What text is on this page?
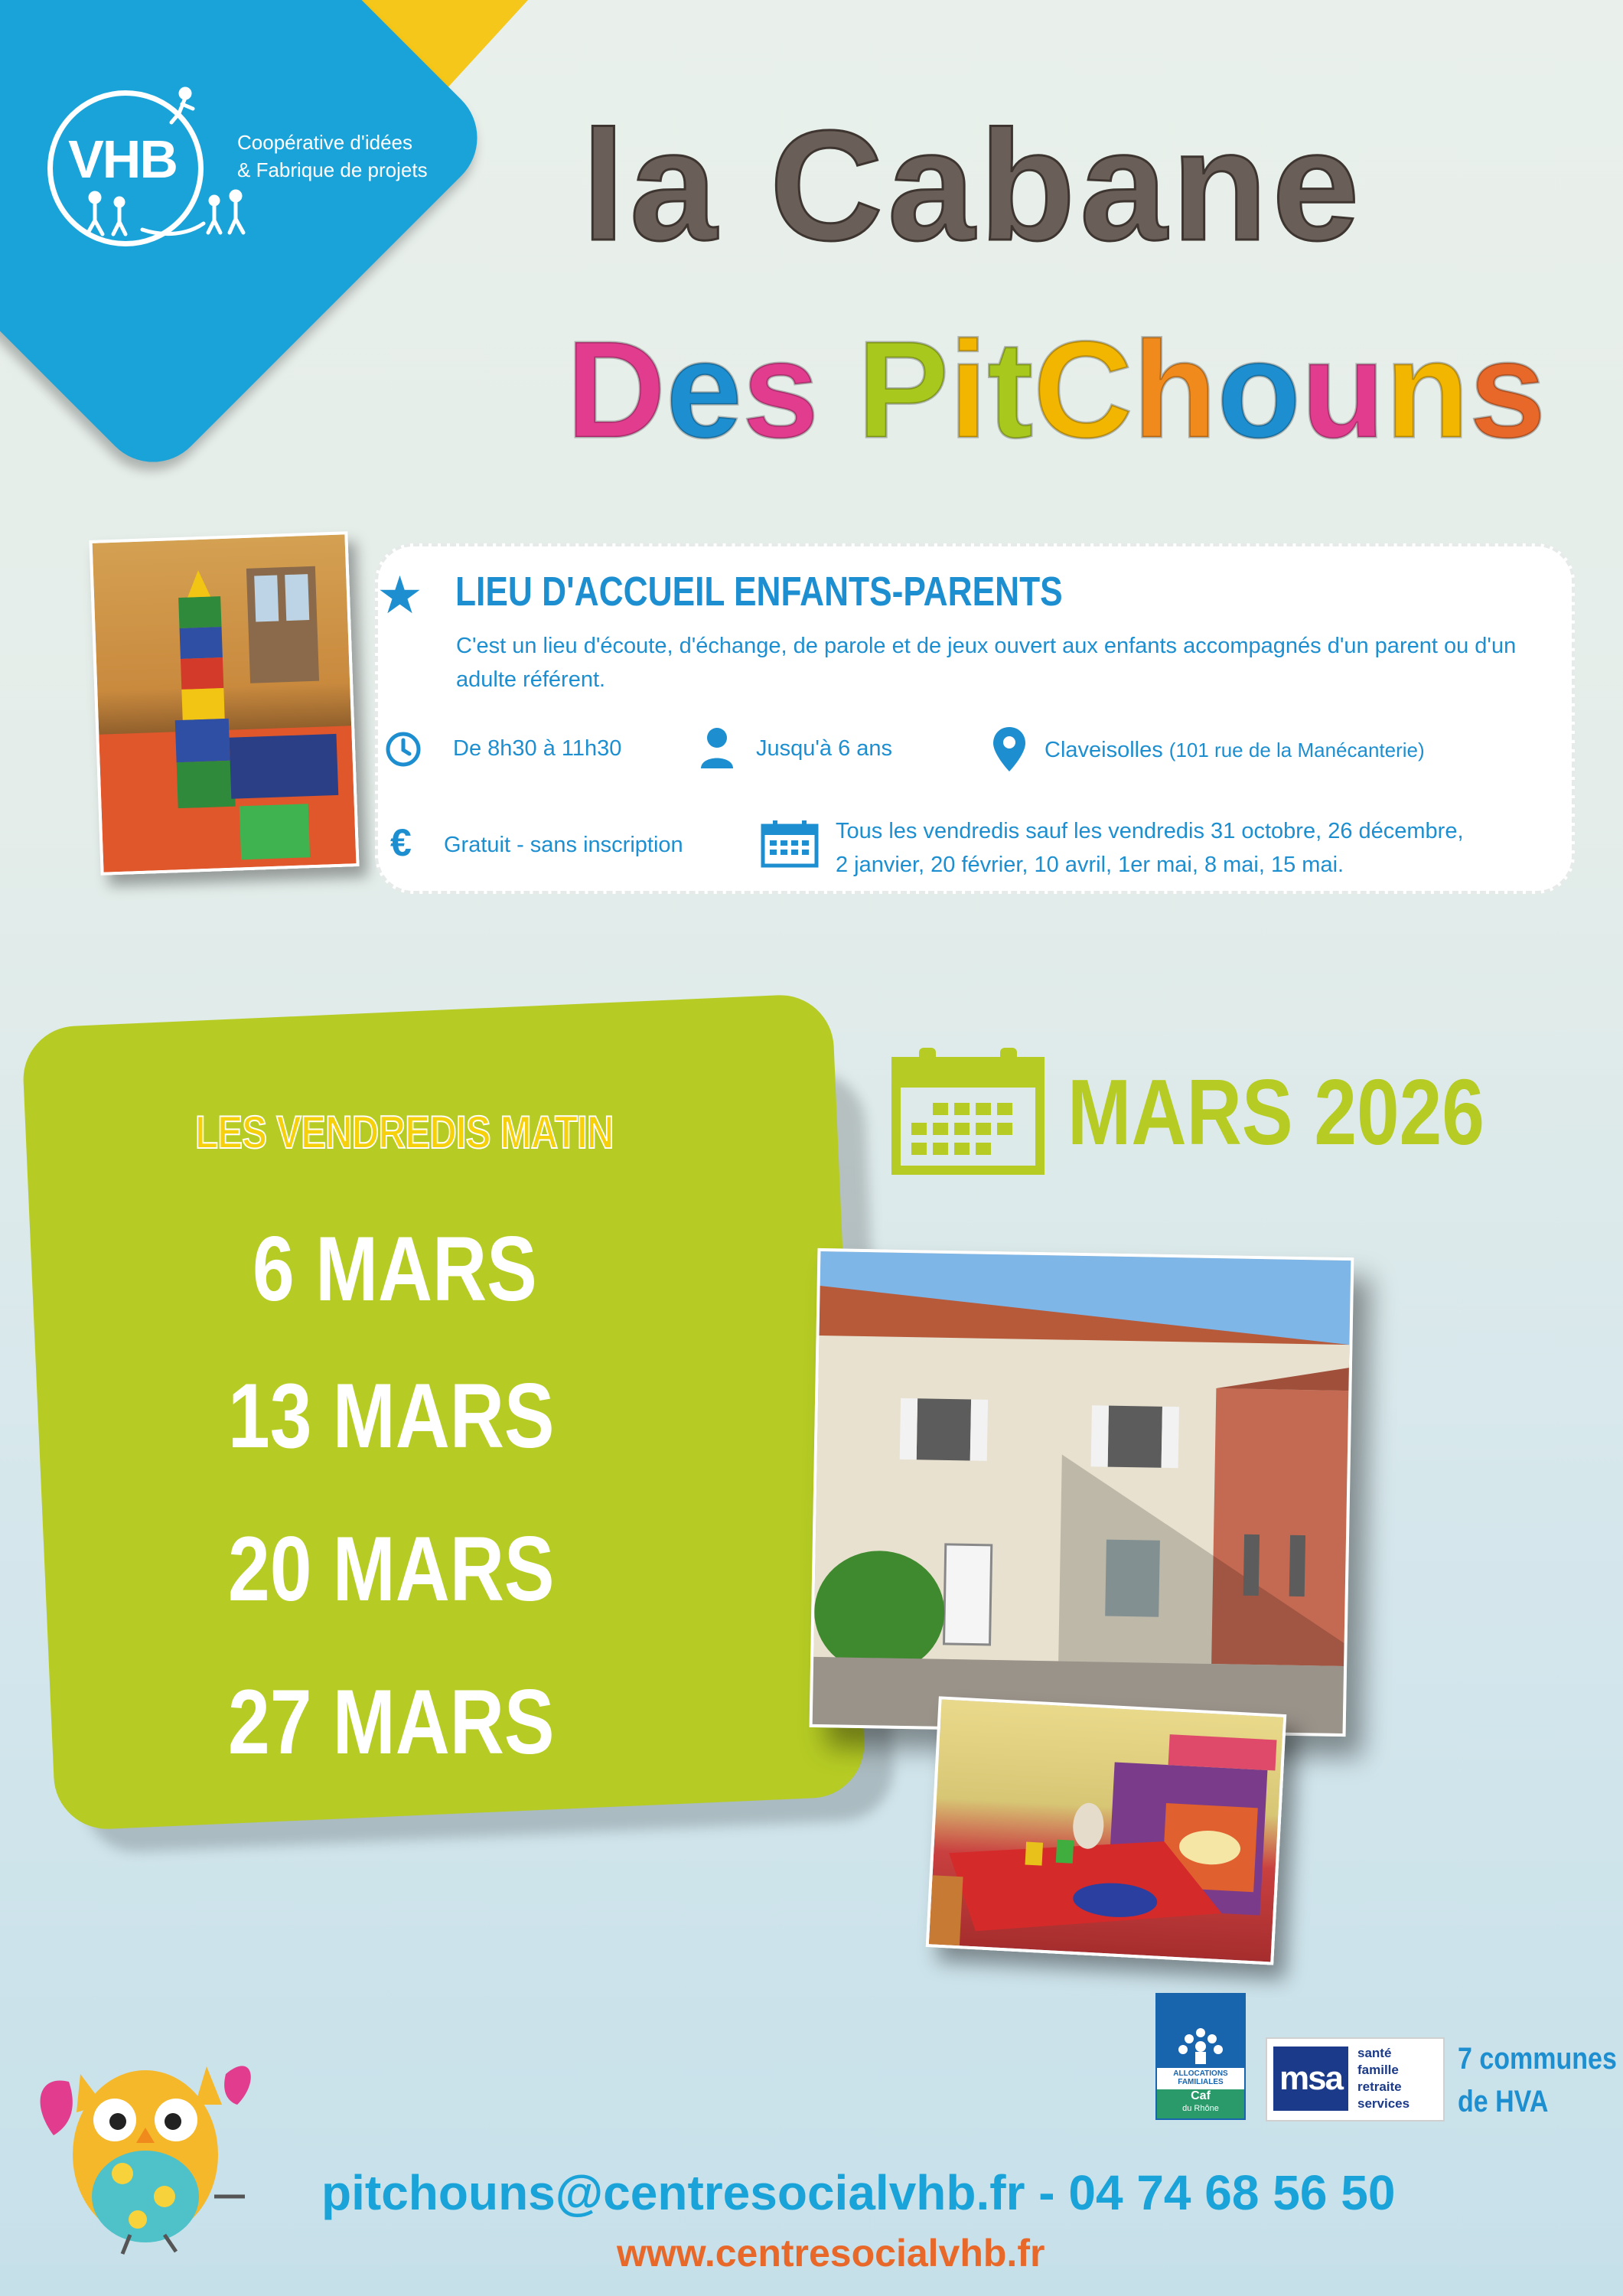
VHB	Coopérative d'idées
& Fabrique de projets la Cabane
Des PitChouns
★ LIEU D'ACCUEIL ENFANTS-PARENTS
C'est un lieu d'écoute, d'échange, de parole et de jeux ouvert aux enfants accompagnés d'un parent ou d'un adulte référent.
De 8h30 à 11h30	Jusqu'à 6 ans	Claveisolles (101 rue de la Manécanterie)
€ Gratuit - sans inscription
Tous les vendredis sauf les vendredis 31 octobre, 26 décembre,
2 janvier, 20 février, 10 avril, 1er mai, 8 mai, 15 mai.
LES VENDREDIS MATIN
6 MARS
13 MARS
20 MARS
27 MARS
MARS 2026
ALLOCATIONS
FAMILIALES
Caf
du Rhône
msa
santé
famille
retraite
services
7 communes
de HVA
pitchouns@centresocialvhb.fr - 04 74 68 56 50
www.centresocialvhb.fr
